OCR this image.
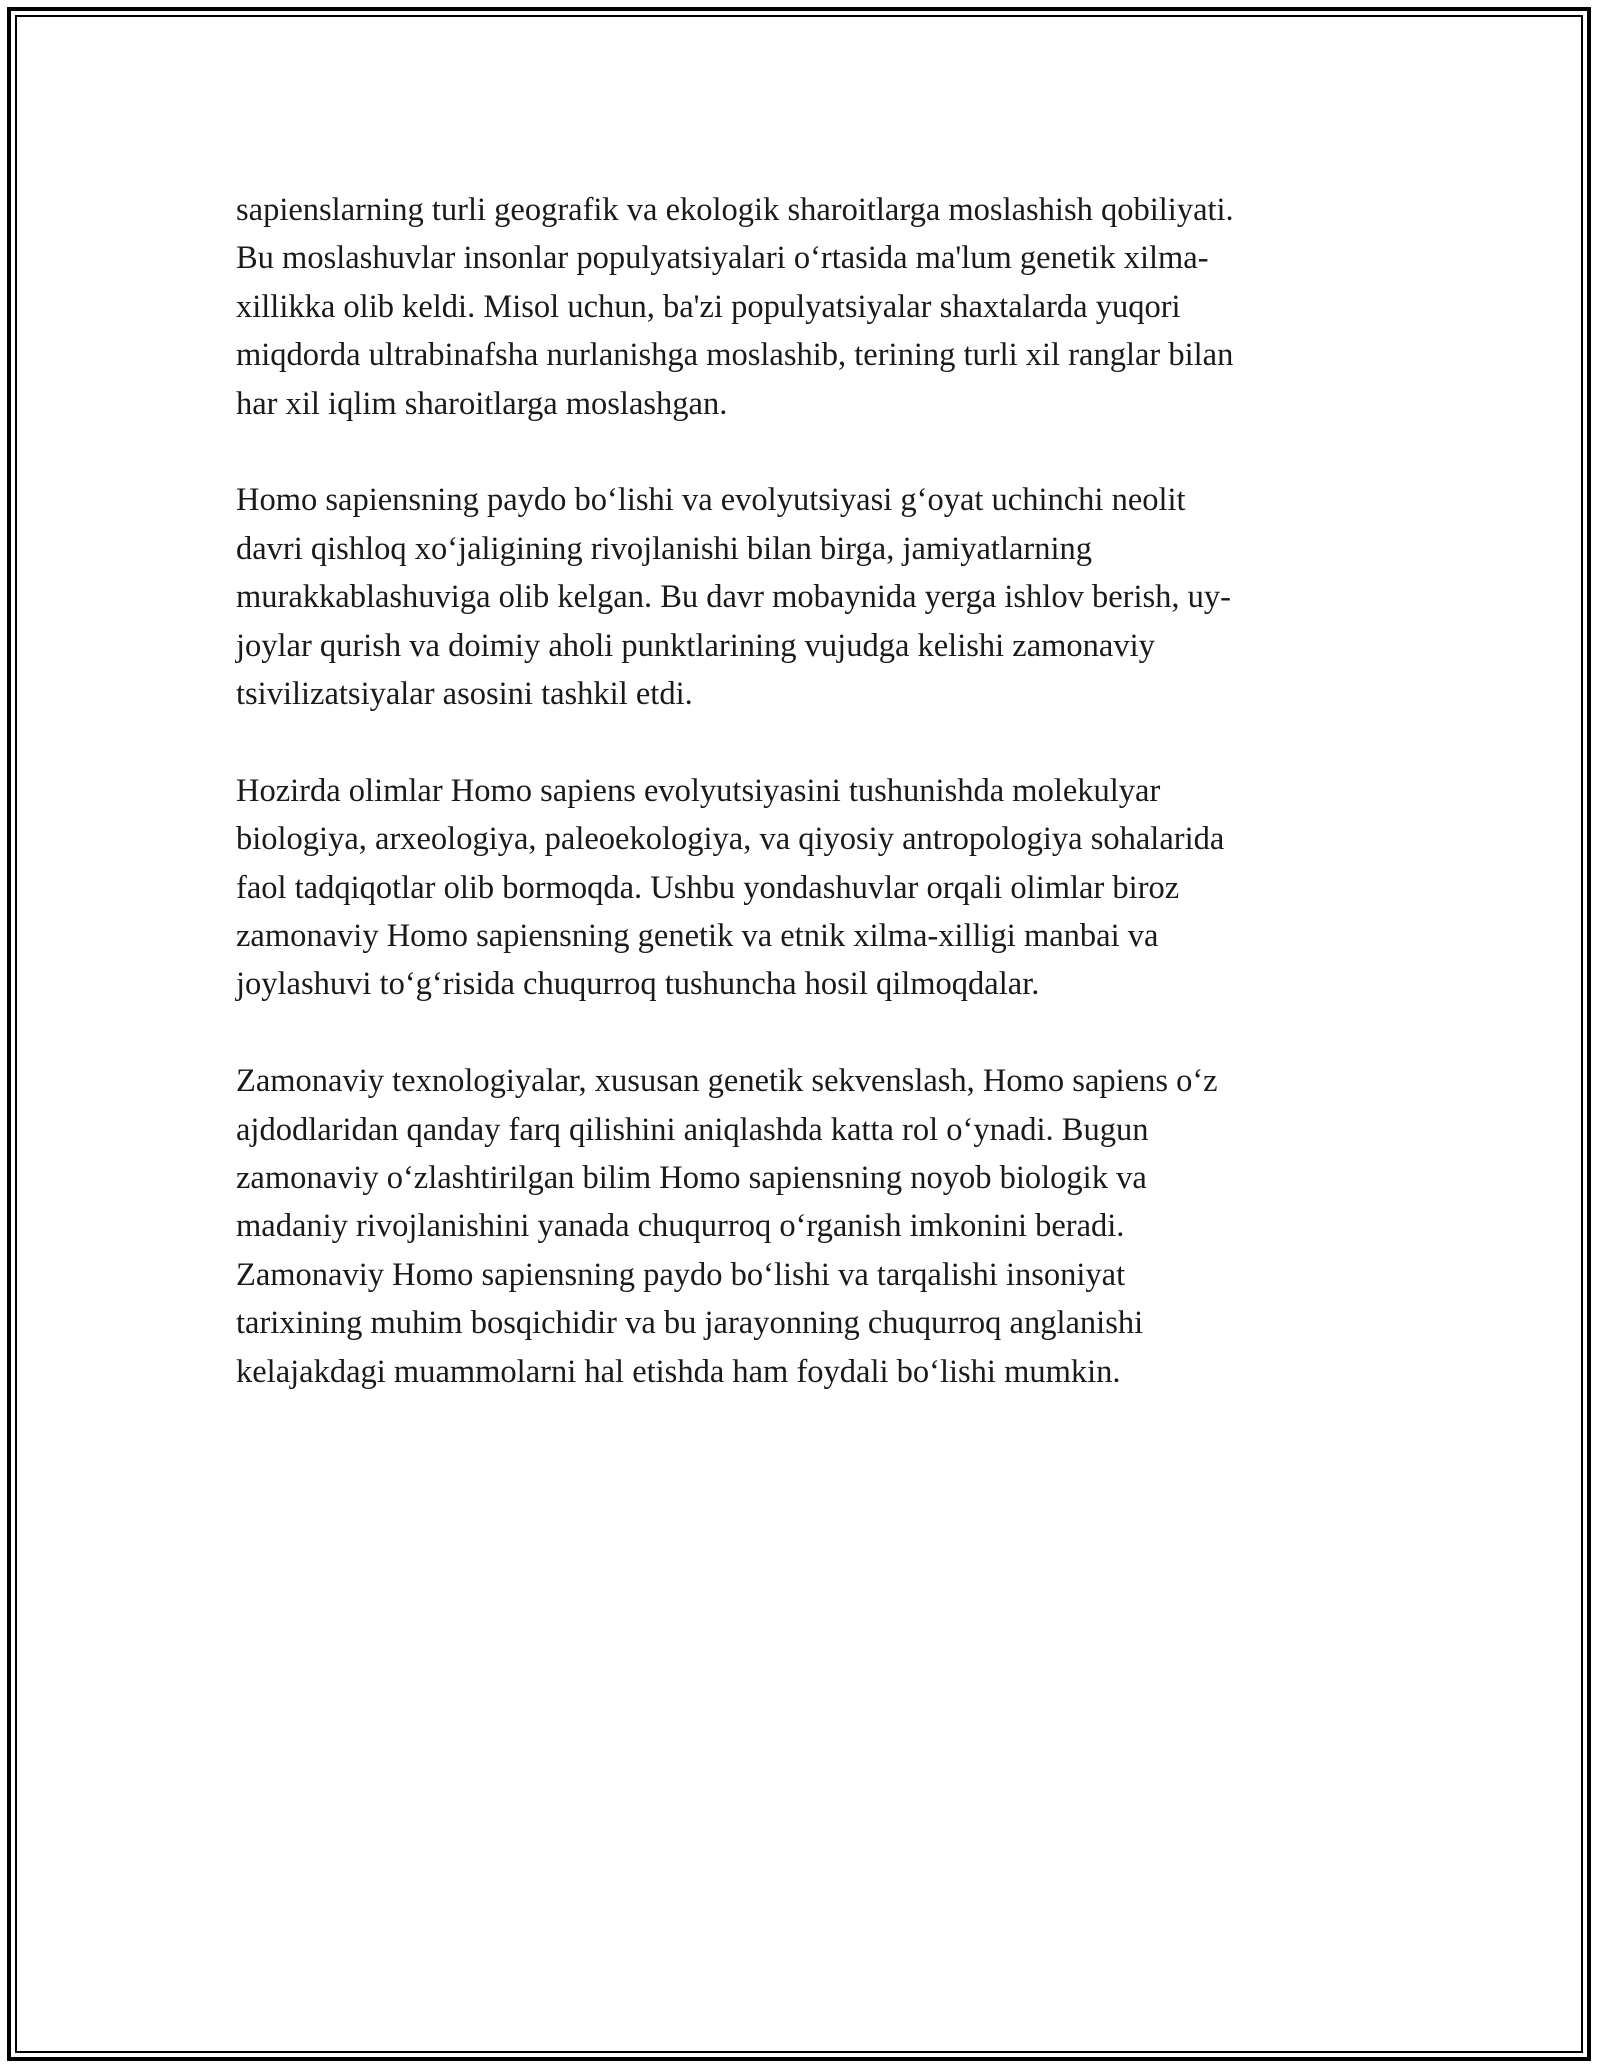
sapienslarning turli geografik va ekologik sharoitlarga moslashish qobiliyati.
Bu moslashuvlar insonlar populyatsiyalari o‘rtasida ma'lum genetik xilma-
xillikka olib keldi. Misol uchun, ba'zi populyatsiyalar shaxtalarda yuqori
miqdorda ultrabinafsha nurlanishga moslashib, terining turli xil ranglar bilan
har xil iqlim sharoitlarga moslashgan.

Homo sapiensning paydo bo‘lishi va evolyutsiyasi g‘oyat uchinchi neolit
davri qishloq xo‘jaligining rivojlanishi bilan birga, jamiyatlarning
murakkablashuviga olib kelgan. Bu davr mobaynida yerga ishlov berish, uy-
joylar qurish va doimiy aholi punktlarining vujudga kelishi zamonaviy
tsivilizatsiyalar asosini tashkil etdi.

Hozirda olimlar Homo sapiens evolyutsiyasini tushunishda molekulyar
biologiya, arxeologiya, paleoekologiya, va qiyosiy antropologiya sohalarida
faol tadqiqotlar olib bormoqda. Ushbu yondashuvlar orqali olimlar biroz
zamonaviy Homo sapiensning genetik va etnik xilma-xilligi manbai va
joylashuvi to‘g‘risida chuqurroq tushuncha hosil qilmoqdalar.

Zamonaviy texnologiyalar, xususan genetik sekvenslash, Homo sapiens o‘z
ajdodlaridan qanday farq qilishini aniqlashda katta rol o‘ynadi. Bugun
zamonaviy o‘zlashtirilgan bilim Homo sapiensning noyob biologik va
madaniy rivojlanishini yanada chuqurroq o‘rganish imkonini beradi.
Zamonaviy Homo sapiensning paydo bo‘lishi va tarqalishi insoniyat
tarixining muhim bosqichidir va bu jarayonning chuqurroq anglanishi
kelajakdagi muammolarni hal etishda ham foydali bo‘lishi mumkin.
